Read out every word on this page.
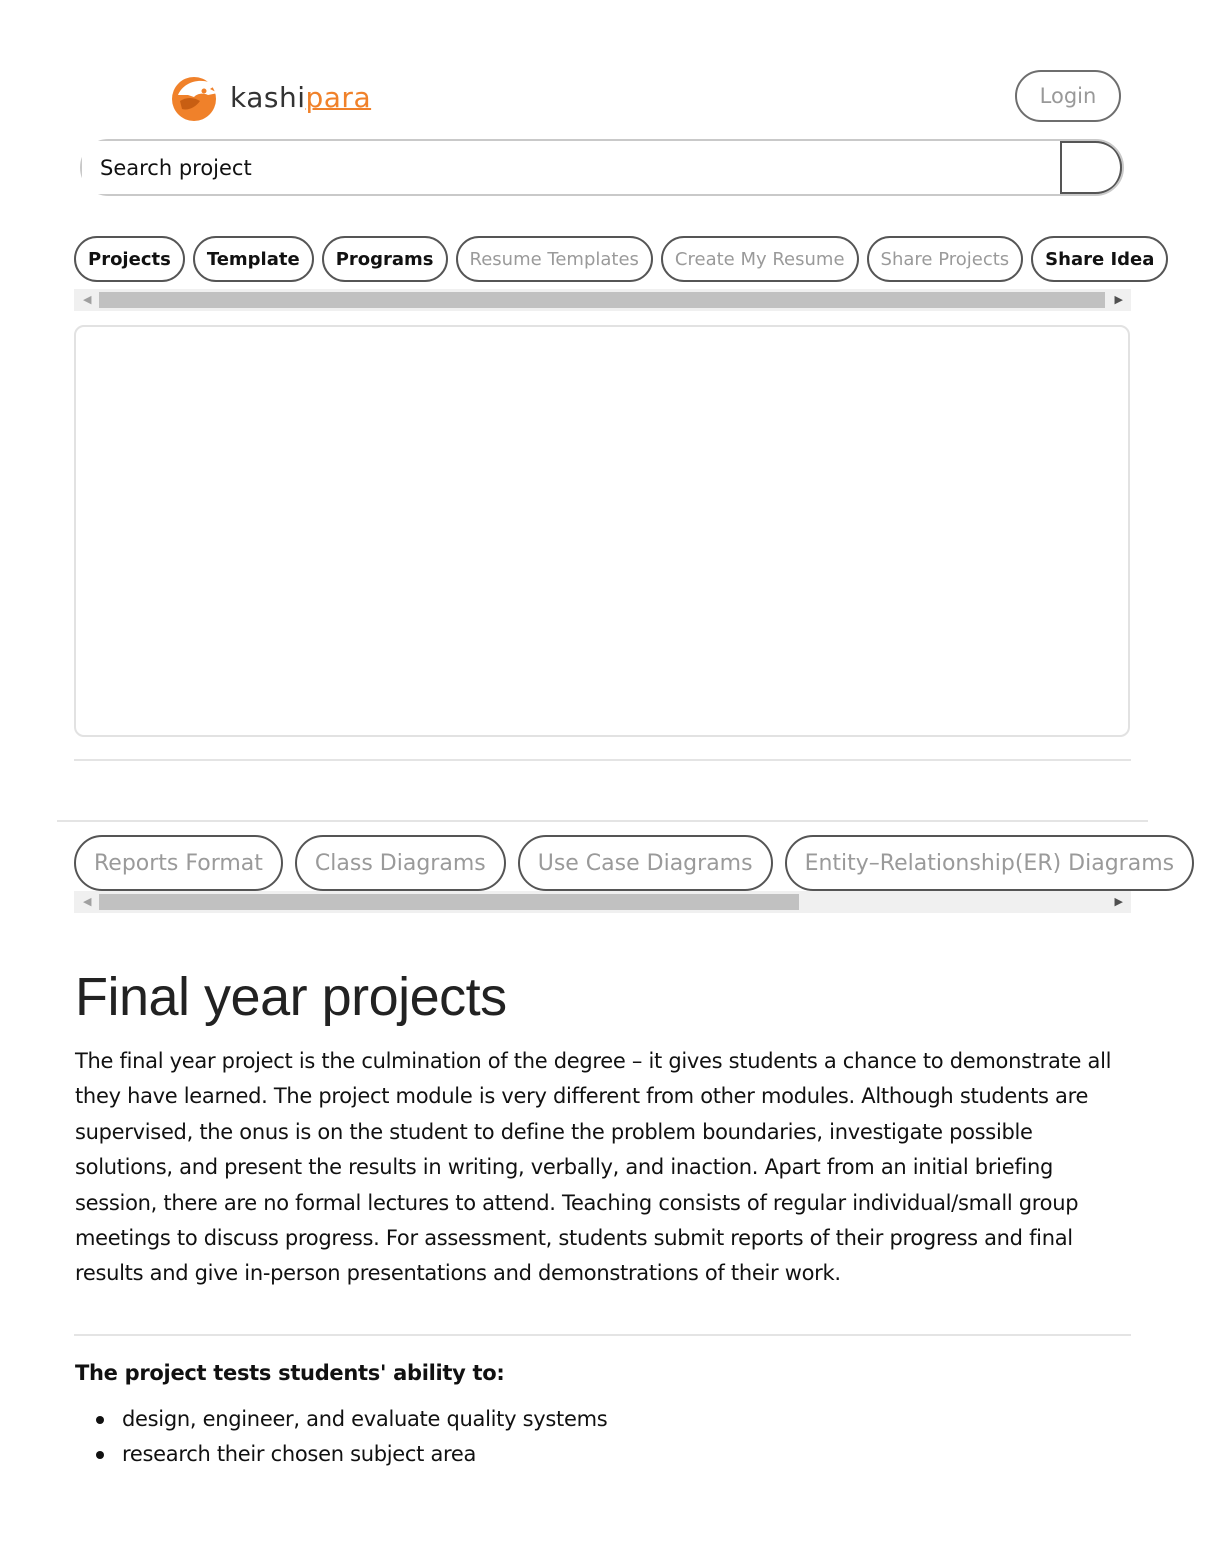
kashipara	Login
Search project
Projects Template Programs Resume Templates Create My Resume Share Projects Share Idea
◀	▶
Reports Format Class Diagrams Use Case Diagrams Entity–Relationship(ER) Diagrams
◀	▶
Final year projects
The final year project is the culmination of the degree – it gives students a chance to demonstrate all they have learned. The project module is very different from other modules. Although students are supervised, the onus is on the student to define the problem boundaries, investigate possible solutions, and present the results in writing, verbally, and inaction. Apart from an initial briefing session, there are no formal lectures to attend. Teaching consists of regular individual/small group meetings to discuss progress. For assessment, students submit reports of their progress and final results and give in-person presentations and demonstrations of their work.
The project tests students' ability to:
design, engineer, and evaluate quality systems
research their chosen subject area
